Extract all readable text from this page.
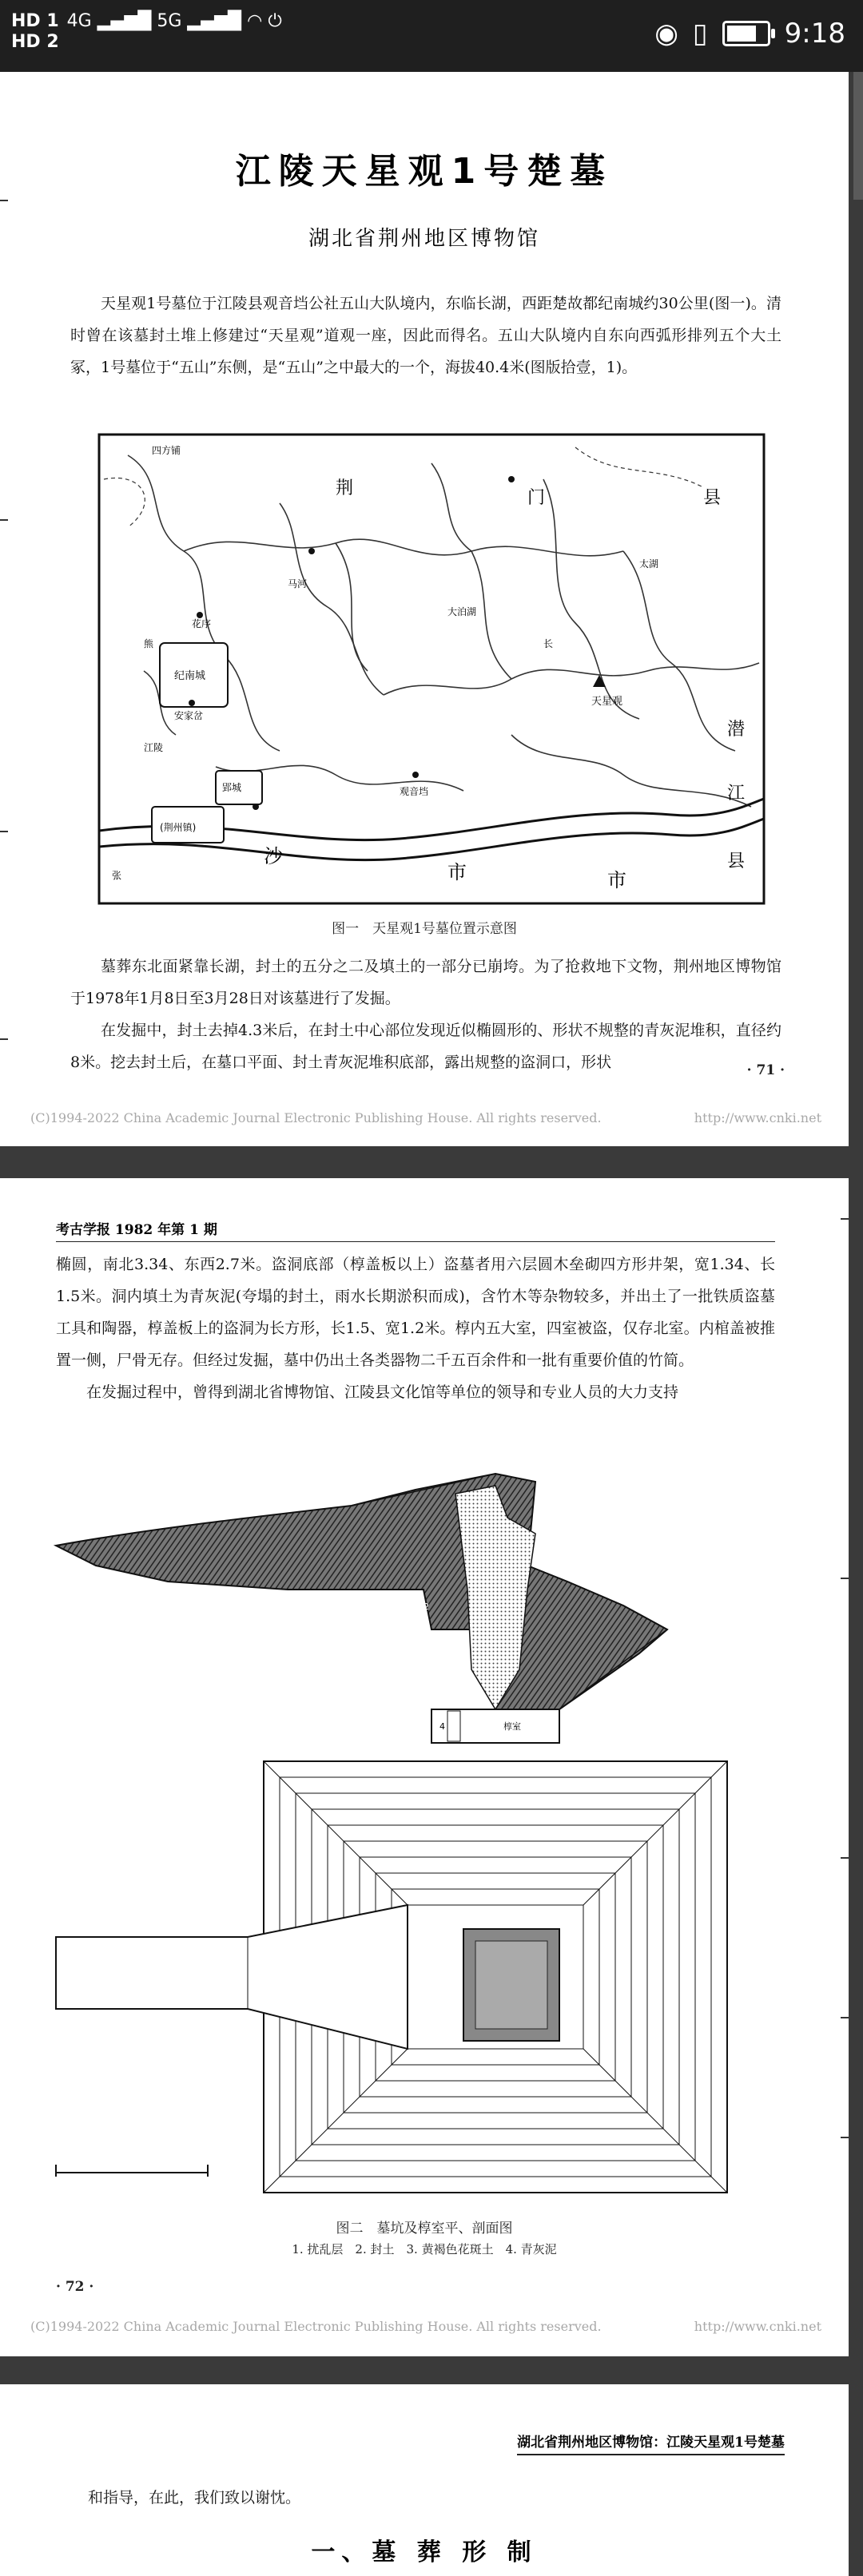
HD 1 4G ▂▄▆█ 5G ▂▄▆█ ◠ ⏻
HD 2	◉ ▯	9:18
江陵天星观1号楚墓
湖北省荆州地区博物馆

天星观1号墓位于江陵县观音垱公社五山大队境内，东临长湖，西距楚故都纪南城约30公里(图一)。清时曾在该墓封土堆上修建过“天星观”道观一座，因此而得名。五山大队境内自东向西弧形排列五个大土冢，1号墓位于“五山”东侧，是“五山”之中最大的一个，海拔40.4米(图版拾壹，1)。

四方铺
荆	门	县
马河
花序
纪南城
安家岔
郢城
大泊湖
太湖
潜
江
县
天星观
观音垱
(荆州镇)
沙
市	市
长
熊
江陵
张
图一　天星观1号墓位置示意图

墓葬东北面紧靠长湖，封土的五分之二及填土的一部分已崩垮。为了抢救地下文物，荆州地区博物馆于1978年1月8日至3月28日对该墓进行了发掘。

在发掘中，封土去掉4.3米后，在封土中心部位发现近似椭圆形的、形状不规整的青灰泥堆积，直径约8米。挖去封土后，在墓口平面、封土青灰泥堆积底部，露出规整的盗洞口，形状	· 71 ·
(C)1994-2022 China Academic Journal Electronic Publishing House. All rights reserved.	http://www.cnki.net
考古学报 1982 年第 1 期

椭圆，南北3.34、东西2.7米。盗洞底部（椁盖板以上）盗墓者用六层圆木垒砌四方形井架，宽1.34、长1.5米。洞内填土为青灰泥(夸塌的封土，雨水长期淤积而成)，含竹木等杂物较多，并出土了一批铁质盗墓工具和陶器，椁盖板上的盗洞为长方形，长1.5、宽1.2米。椁内五大室，四室被盗，仅存北室。内棺盖被推置一侧，尸骨无存。但经过发掘，墓中仍出土各类器物二千五百余件和一批有重要价值的竹简。

在发掘过程中，曾得到湖北省博物馆、江陵县文化馆等单位的领导和专业人员的大力支持

4	椁室
1
2
3
图二　墓坑及椁室平、剖面图
1. 扰乱层　2. 封土　3. 黄褐色花斑土　4. 青灰泥
· 72 ·
(C)1994-2022 China Academic Journal Electronic Publishing House. All rights reserved.	http://www.cnki.net
湖北省荆州地区博物馆：江陵天星观1号楚墓

和指导，在此，我们致以谢忱。

一、墓 葬 形 制
